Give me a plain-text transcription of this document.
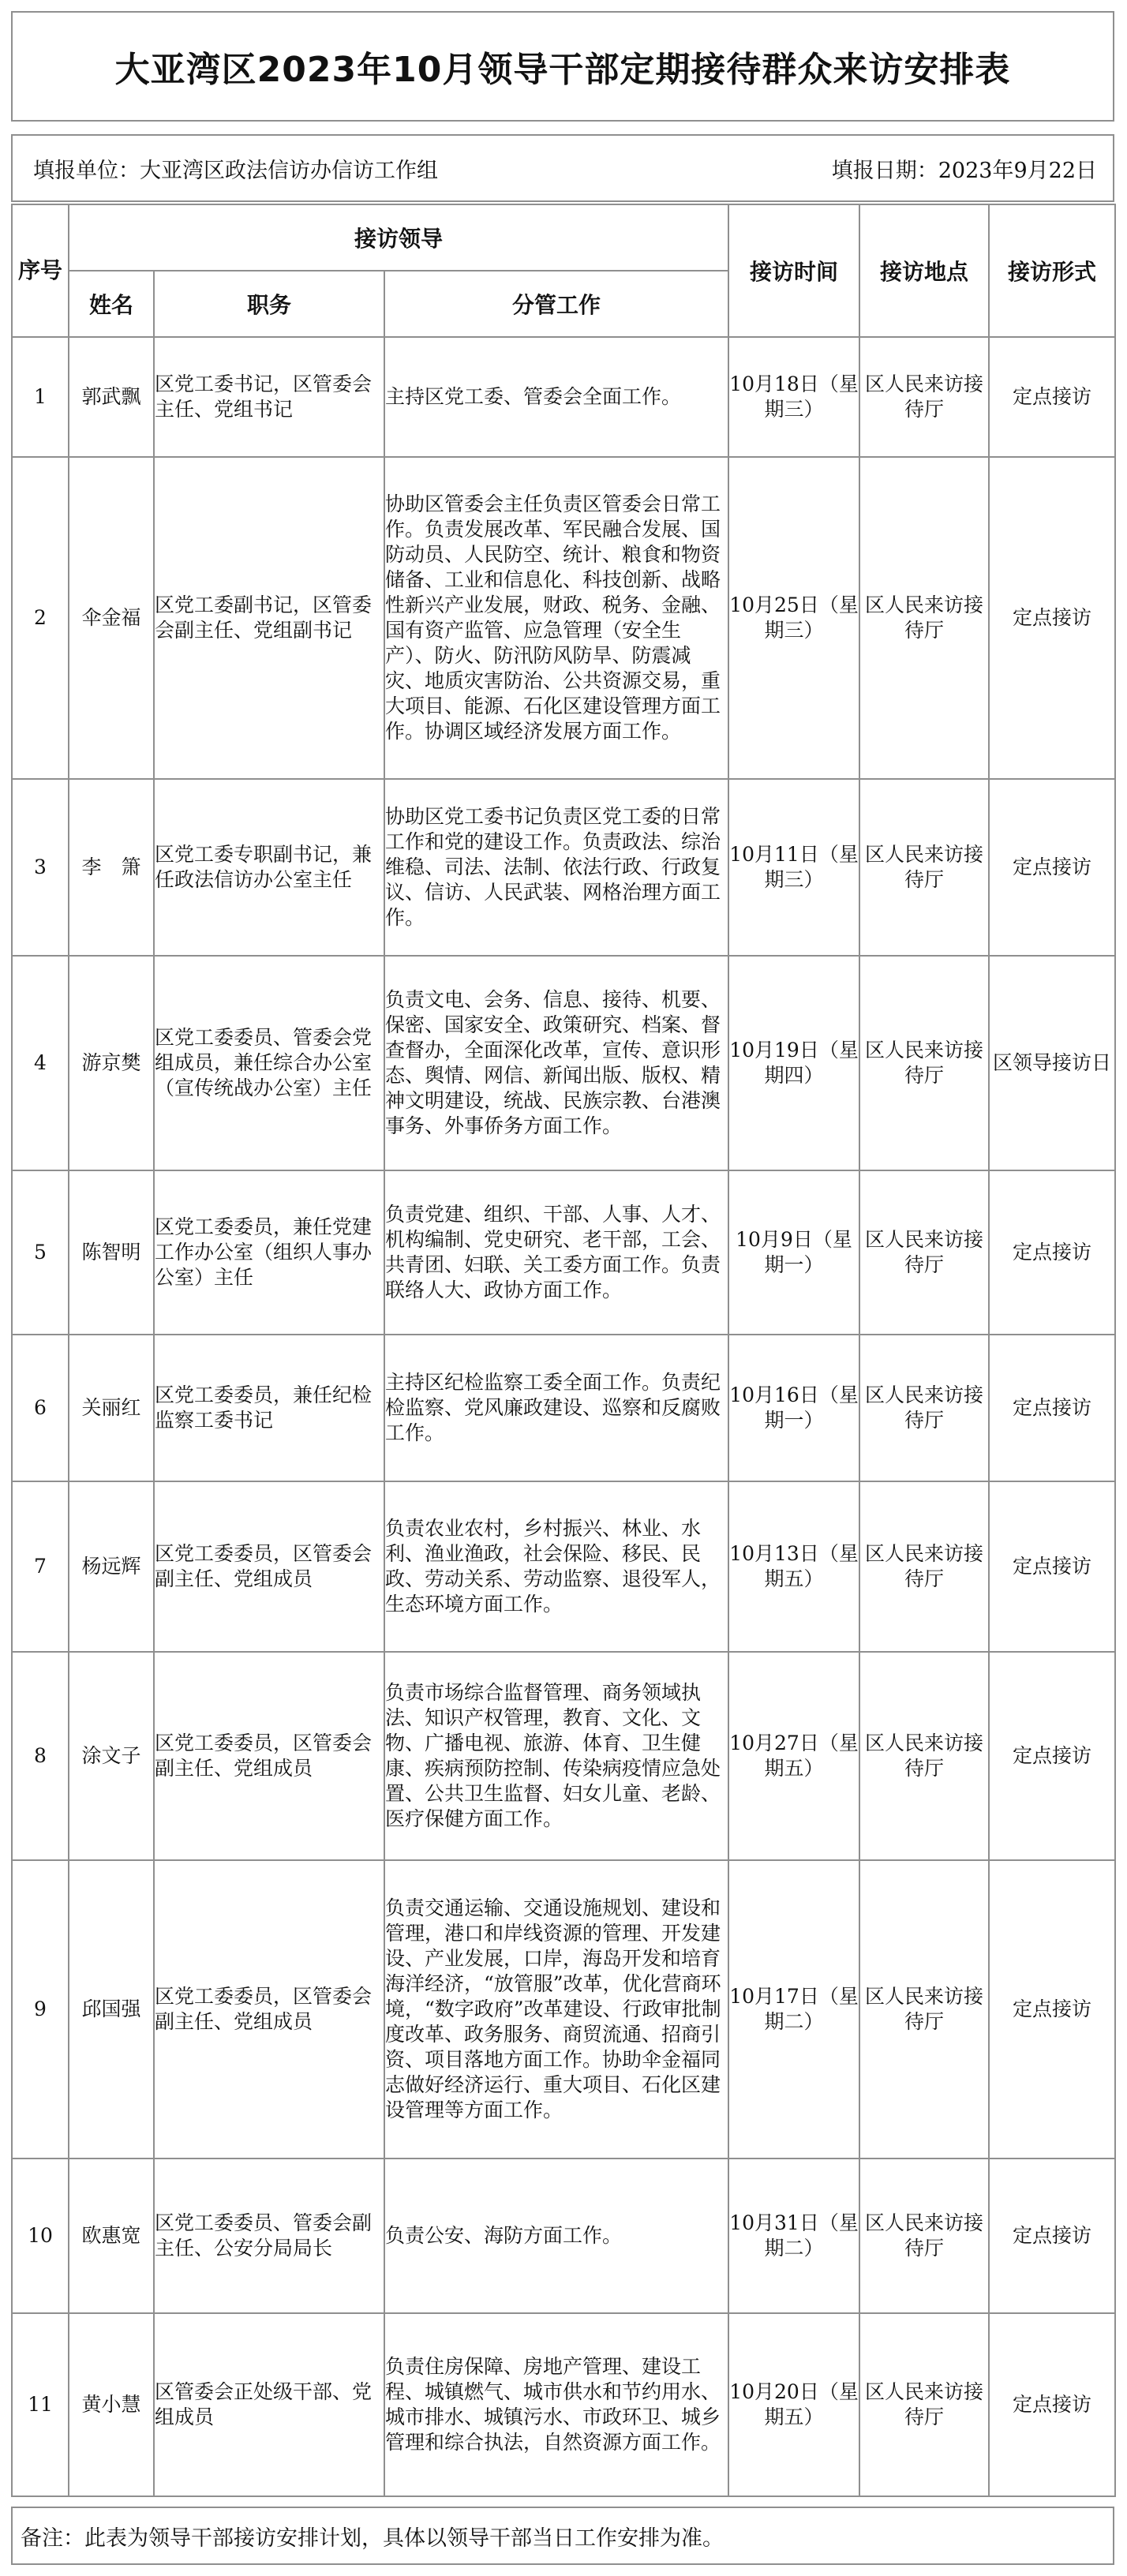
大亚湾区2023年10月领导干部定期接待群众来访安排表
填报单位：大亚湾区政法信访办信访工作组	填报日期：2023年9月22日
序号	接访领导			接访时间	接访地点	接访形式
	姓名	职务	分管工作			
1	郭武飘	区党工委书记，区管委会主任、党组书记	主持区党工委、管委会全面工作。	10月18日（星期三）	区人民来访接待厅	定点接访
2	伞金福	区党工委副书记，区管委会副主任、党组副书记	协助区管委会主任负责区管委会日常工作。负责发展改革、军民融合发展、国防动员、人民防空、统计、粮食和物资储备、工业和信息化、科技创新、战略性新兴产业发展，财政、税务、金融、国有资产监管、应急管理（安全生产）、防火、防汛防风防旱、防震减灾、地质灾害防治、公共资源交易，重大项目、能源、石化区建设管理方面工作。协调区域经济发展方面工作。	10月25日（星期三）	区人民来访接待厅	定点接访
3	李　箫	区党工委专职副书记，兼任政法信访办公室主任	协助区党工委书记负责区党工委的日常工作和党的建设工作。负责政法、综治维稳、司法、法制、依法行政、行政复议、信访、人民武装、网格治理方面工作。	10月11日（星期三）	区人民来访接待厅	定点接访
4	游京樊	区党工委委员、管委会党组成员，兼任综合办公室（宣传统战办公室）主任	负责文电、会务、信息、接待、机要、保密、国家安全、政策研究、档案、督查督办，全面深化改革，宣传、意识形态、舆情、网信、新闻出版、版权、精神文明建设，统战、民族宗教、台港澳事务、外事侨务方面工作。	10月19日（星期四）	区人民来访接待厅	区领导接访日
5	陈智明	区党工委委员，兼任党建工作办公室（组织人事办公室）主任	负责党建、组织、干部、人事、人才、机构编制、党史研究、老干部，工会、共青团、妇联、关工委方面工作。负责联络人大、政协方面工作。	10月9日（星期一）	区人民来访接待厅	定点接访
6	关丽红	区党工委委员，兼任纪检监察工委书记	主持区纪检监察工委全面工作。负责纪检监察、党风廉政建设、巡察和反腐败工作。	10月16日（星期一）	区人民来访接待厅	定点接访
7	杨远辉	区党工委委员，区管委会副主任、党组成员	负责农业农村，乡村振兴、林业、水利、渔业渔政，社会保险、移民、民政、劳动关系、劳动监察、退役军人，生态环境方面工作。	10月13日（星期五）	区人民来访接待厅	定点接访
8	涂文子	区党工委委员，区管委会副主任、党组成员	负责市场综合监督管理、商务领域执法、知识产权管理，教育、文化、文物、广播电视、旅游、体育、卫生健康、疾病预防控制、传染病疫情应急处置、公共卫生监督、妇女儿童、老龄、医疗保健方面工作。	10月27日（星期五）	区人民来访接待厅	定点接访
9	邱国强	区党工委委员，区管委会副主任、党组成员	负责交通运输、交通设施规划、建设和管理，港口和岸线资源的管理、开发建设、产业发展，口岸，海岛开发和培育海洋经济，“放管服”改革，优化营商环境，“数字政府”改革建设、行政审批制度改革、政务服务、商贸流通、招商引资、项目落地方面工作。协助伞金福同志做好经济运行、重大项目、石化区建设管理等方面工作。	10月17日（星期二）	区人民来访接待厅	定点接访
10	欧惠宽	区党工委委员、管委会副主任、公安分局局长	负责公安、海防方面工作。	10月31日（星期二）	区人民来访接待厅	定点接访
11	黄小慧	区管委会正处级干部、党组成员	负责住房保障、房地产管理、建设工程、城镇燃气、城市供水和节约用水、城市排水、城镇污水、市政环卫、城乡管理和综合执法，自然资源方面工作。	10月20日（星期五）	区人民来访接待厅	定点接访
备注：此表为领导干部接访安排计划，具体以领导干部当日工作安排为准。
